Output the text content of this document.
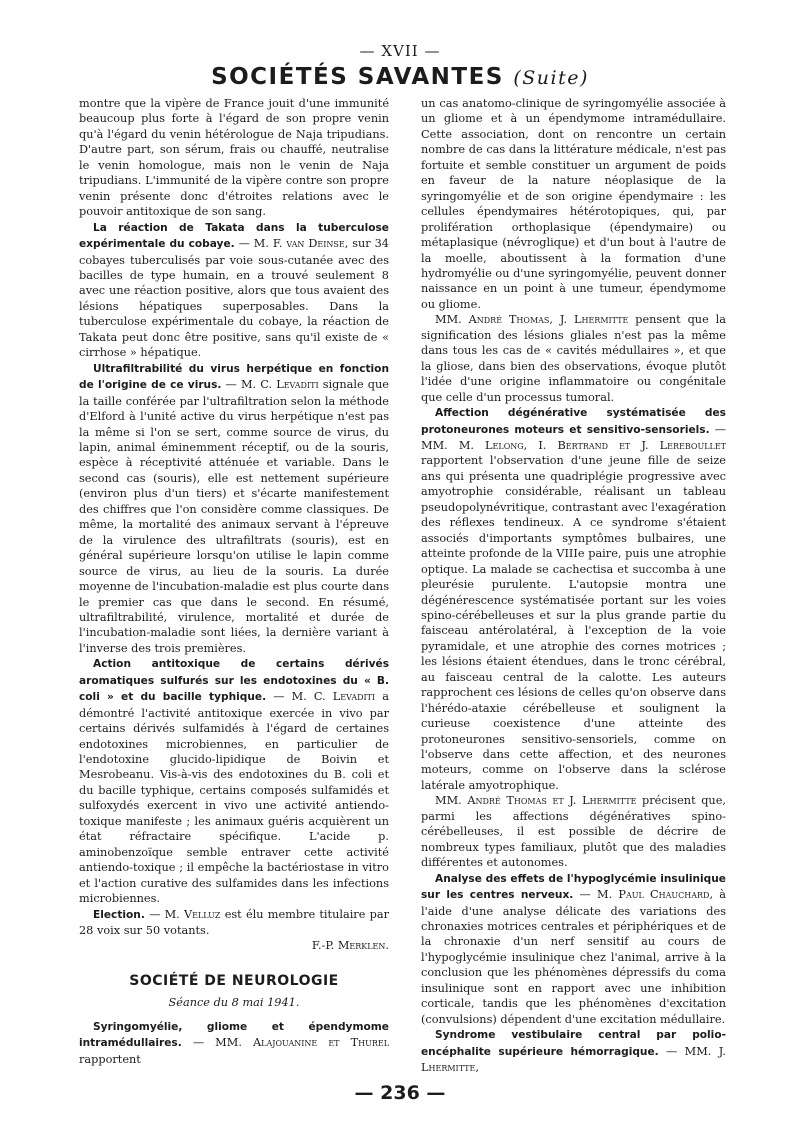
— XVII —
SOCIÉTÉS SAVANTES (Suite)

montre que la vipère de France jouit d'une immunité beaucoup plus forte à l'égard de son propre venin qu'à l'égard du venin hétérologue de Naja tripudians. D'autre part, son sérum, frais ou chauffé, neutralise le venin homologue, mais non le venin de Naja tripudians. L'immunité de la vipère contre son propre venin présente donc d'étroites relations avec le pouvoir antitoxique de son sang.

La réaction de Takata dans la tuberculose expérimentale du cobaye. — M. F. van Deinse, sur 34 cobayes tuberculisés par voie sous-cutanée avec des bacilles de type humain, en a trouvé seulement 8 avec une réaction positive, alors que tous avaient des lésions hépatiques superposables. Dans la tuberculose expérimentale du cobaye, la réaction de Takata peut donc être positive, sans qu'il existe de « cirrhose » hépatique.

Ultrafiltrabilité du virus herpétique en fonction de l'origine de ce virus. — M. C. Levaditi signale que la taille conférée par l'ultrafiltration selon la méthode d'Elford à l'unité active du virus herpétique n'est pas la même si l'on se sert, comme source de virus, du lapin, animal éminemment réceptif, ou de la souris, espèce à réceptivité atténuée et variable. Dans le second cas (souris), elle est nettement supérieure (environ plus d'un tiers) et s'écarte manifestement des chiffres que l'on considère comme classiques. De même, la mortalité des animaux servant à l'épreuve de la virulence des ultrafiltrats (souris), est en général supérieure lorsqu'on utilise le lapin comme source de virus, au lieu de la souris. La durée moyenne de l'incubation-maladie est plus courte dans le premier cas que dans le second. En résumé, ultrafiltrabilité, virulence, mortalité et durée de l'incubation-maladie sont liées, la dernière variant à l'inverse des trois premières.

Action antitoxique de certains dérivés aromatiques sulfurés sur les endotoxines du « B. coli » et du bacille typhique. — M. C. Levaditi a démontré l'activité antitoxique exercée in vivo par certains dérivés sulfamidés à l'égard de certaines endotoxines microbiennes, en particulier de l'endotoxine glucido-lipidique de Boivin et Mesrobeanu. Vis-à-vis des endotoxines du B. coli et du bacille typhique, certains composés sulfamidés et sulfoxydés exercent in vivo une activité antiendo-toxique manifeste ; les animaux guéris acquièrent un état réfractaire spécifique. L'acide p. aminobenzoïque semble entraver cette activité antiendo-toxique ; il empêche la bactériostase in vitro et l'action curative des sulfamides dans les infections microbiennes.

Election. — M. Velluz est élu membre titulaire par 28 voix sur 50 votants.

F.-P. Merklen.

SOCIÉTÉ DE NEUROLOGIE
Séance du 8 mai 1941.

Syringomyélie, gliome et épendymome intramédullaires. — MM. Alajouanine et Thurel rapportent

un cas anatomo-clinique de syringomyélie associée à un gliome et à un épendymome intramédullaire. Cette association, dont on rencontre un certain nombre de cas dans la littérature médicale, n'est pas fortuite et semble constituer un argument de poids en faveur de la nature néoplasique de la syringomyélie et de son origine épendymaire : les cellules épendymaires hétérotopiques, qui, par prolifération orthoplasique (épendymaire) ou métaplasique (névroglique) et d'un bout à l'autre de la moelle, aboutissent à la formation d'une hydromyélie ou d'une syringomyélie, peuvent donner naissance en un point à une tumeur, épendymome ou gliome.

MM. André Thomas, J. Lhermitte pensent que la signification des lésions gliales n'est pas la même dans tous les cas de « cavités médullaires », et que la gliose, dans bien des observations, évoque plutôt l'idée d'une origine inflammatoire ou congénitale que celle d'un processus tumoral.

Affection dégénérative systématisée des protoneurones moteurs et sensitivo-sensoriels. — MM. M. Lelong, I. Bertrand et J. Lereboullet rapportent l'observation d'une jeune fille de seize ans qui présenta une quadriplégie progressive avec amyotrophie considérable, réalisant un tableau pseudopolynévritique, contrastant avec l'exagération des réflexes tendineux. A ce syndrome s'étaient associés d'importants symptômes bulbaires, une atteinte profonde de la VIIIe paire, puis une atrophie optique. La malade se cachectisa et succomba à une pleurésie purulente. L'autopsie montra une dégénérescence systématisée portant sur les voies spino-cérébelleuses et sur la plus grande partie du faisceau antérolatéral, à l'exception de la voie pyramidale, et une atrophie des cornes motrices ; les lésions étaient étendues, dans le tronc cérébral, au faisceau central de la calotte. Les auteurs rapprochent ces lésions de celles qu'on observe dans l'hérédo-ataxie cérébelleuse et soulignent la curieuse coexistence d'une atteinte des protoneurones sensitivo-sensoriels, comme on l'observe dans cette affection, et des neurones moteurs, comme on l'observe dans la sclérose latérale amyotrophique.

MM. André Thomas et J. Lhermitte précisent que, parmi les affections dégénératives spino-cérébelleuses, il est possible de décrire de nombreux types familiaux, plutôt que des maladies différentes et autonomes.

Analyse des effets de l'hypoglycémie insulinique sur les centres nerveux. — M. Paul Chauchard, à l'aide d'une analyse délicate des variations des chronaxies motrices centrales et périphériques et de la chronaxie d'un nerf sensitif au cours de l'hypoglycémie insulinique chez l'animal, arrive à la conclusion que les phénomènes dépressifs du coma insulinique sont en rapport avec une inhibition corticale, tandis que les phénomènes d'excitation (convulsions) dépendent d'une excitation médullaire.

Syndrome vestibulaire central par polio-encéphalite supérieure hémorragique. — MM. J. Lhermitte,

— 236 —
